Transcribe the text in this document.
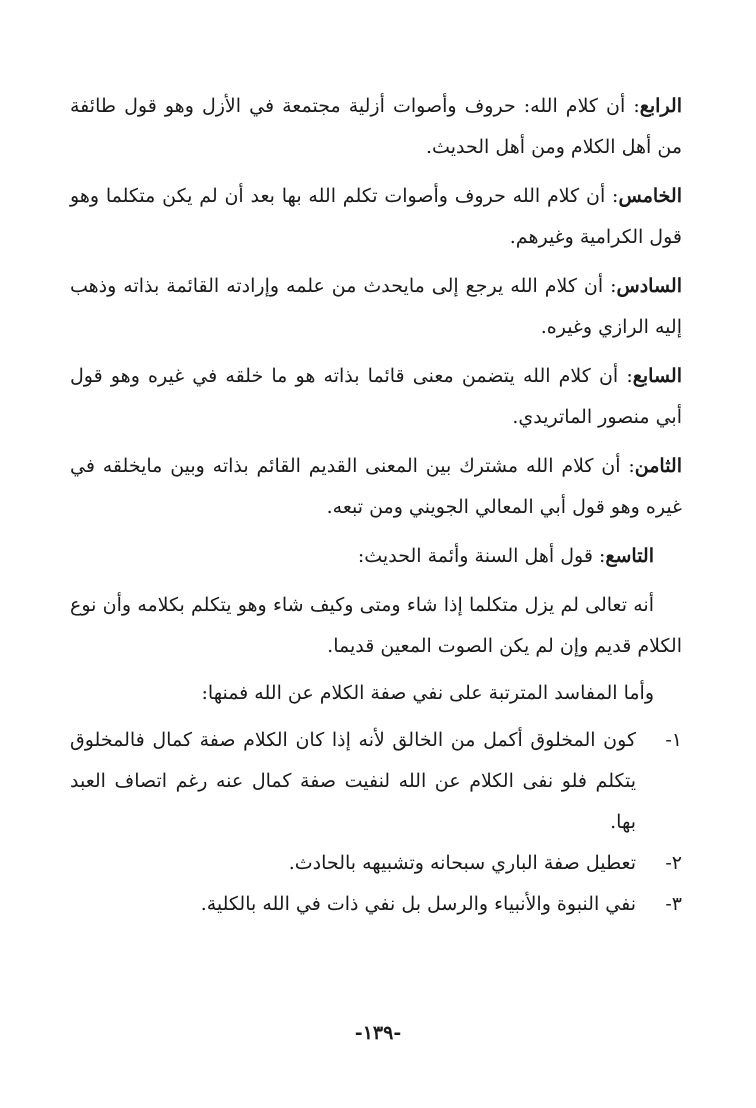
الرابع: أن كلام الله: حروف وأصوات أزلية مجتمعة في الأزل وهو قول طائفة من أهل الكلام ومن أهل الحديث.

الخامس: أن كلام الله حروف وأصوات تكلم الله بها بعد أن لم يكن متكلما وهو قول الكرامية وغيرهم.

السادس: أن كلام الله يرجع إلى مايحدث من علمه وإرادته القائمة بذاته وذهب إليه الرازي وغيره.

السابع: أن كلام الله يتضمن معنى قائما بذاته هو ما خلقه في غيره وهو قول أبي منصور الماتريدي.

الثامن: أن كلام الله مشترك بين المعنى القديم القائم بذاته وبين مايخلقه في غيره وهو قول أبي المعالي الجويني ومن تبعه.

التاسع: قول أهل السنة وأئمة الحديث:

أنه تعالى لم يزل متكلما إذا شاء ومتى وكيف شاء وهو يتكلم بكلامه وأن نوع الكلام قديم وإن لم يكن الصوت المعين قديما.

وأما المفاسد المترتبة على نفي صفة الكلام عن الله فمنها:

١-
كون المخلوق أكمل من الخالق لأنه إذا كان الكلام صفة كمال فالمخلوق يتكلم فلو نفى الكلام عن الله لنفيت صفة كمال عنه رغم اتصاف العبد بها.
٢-
تعطيل صفة الباري سبحانه وتشبيهه بالحادث.
٣-
نفي النبوة والأنبياء والرسل بل نفي ذات في الله بالكلية.
-١٣٩-
